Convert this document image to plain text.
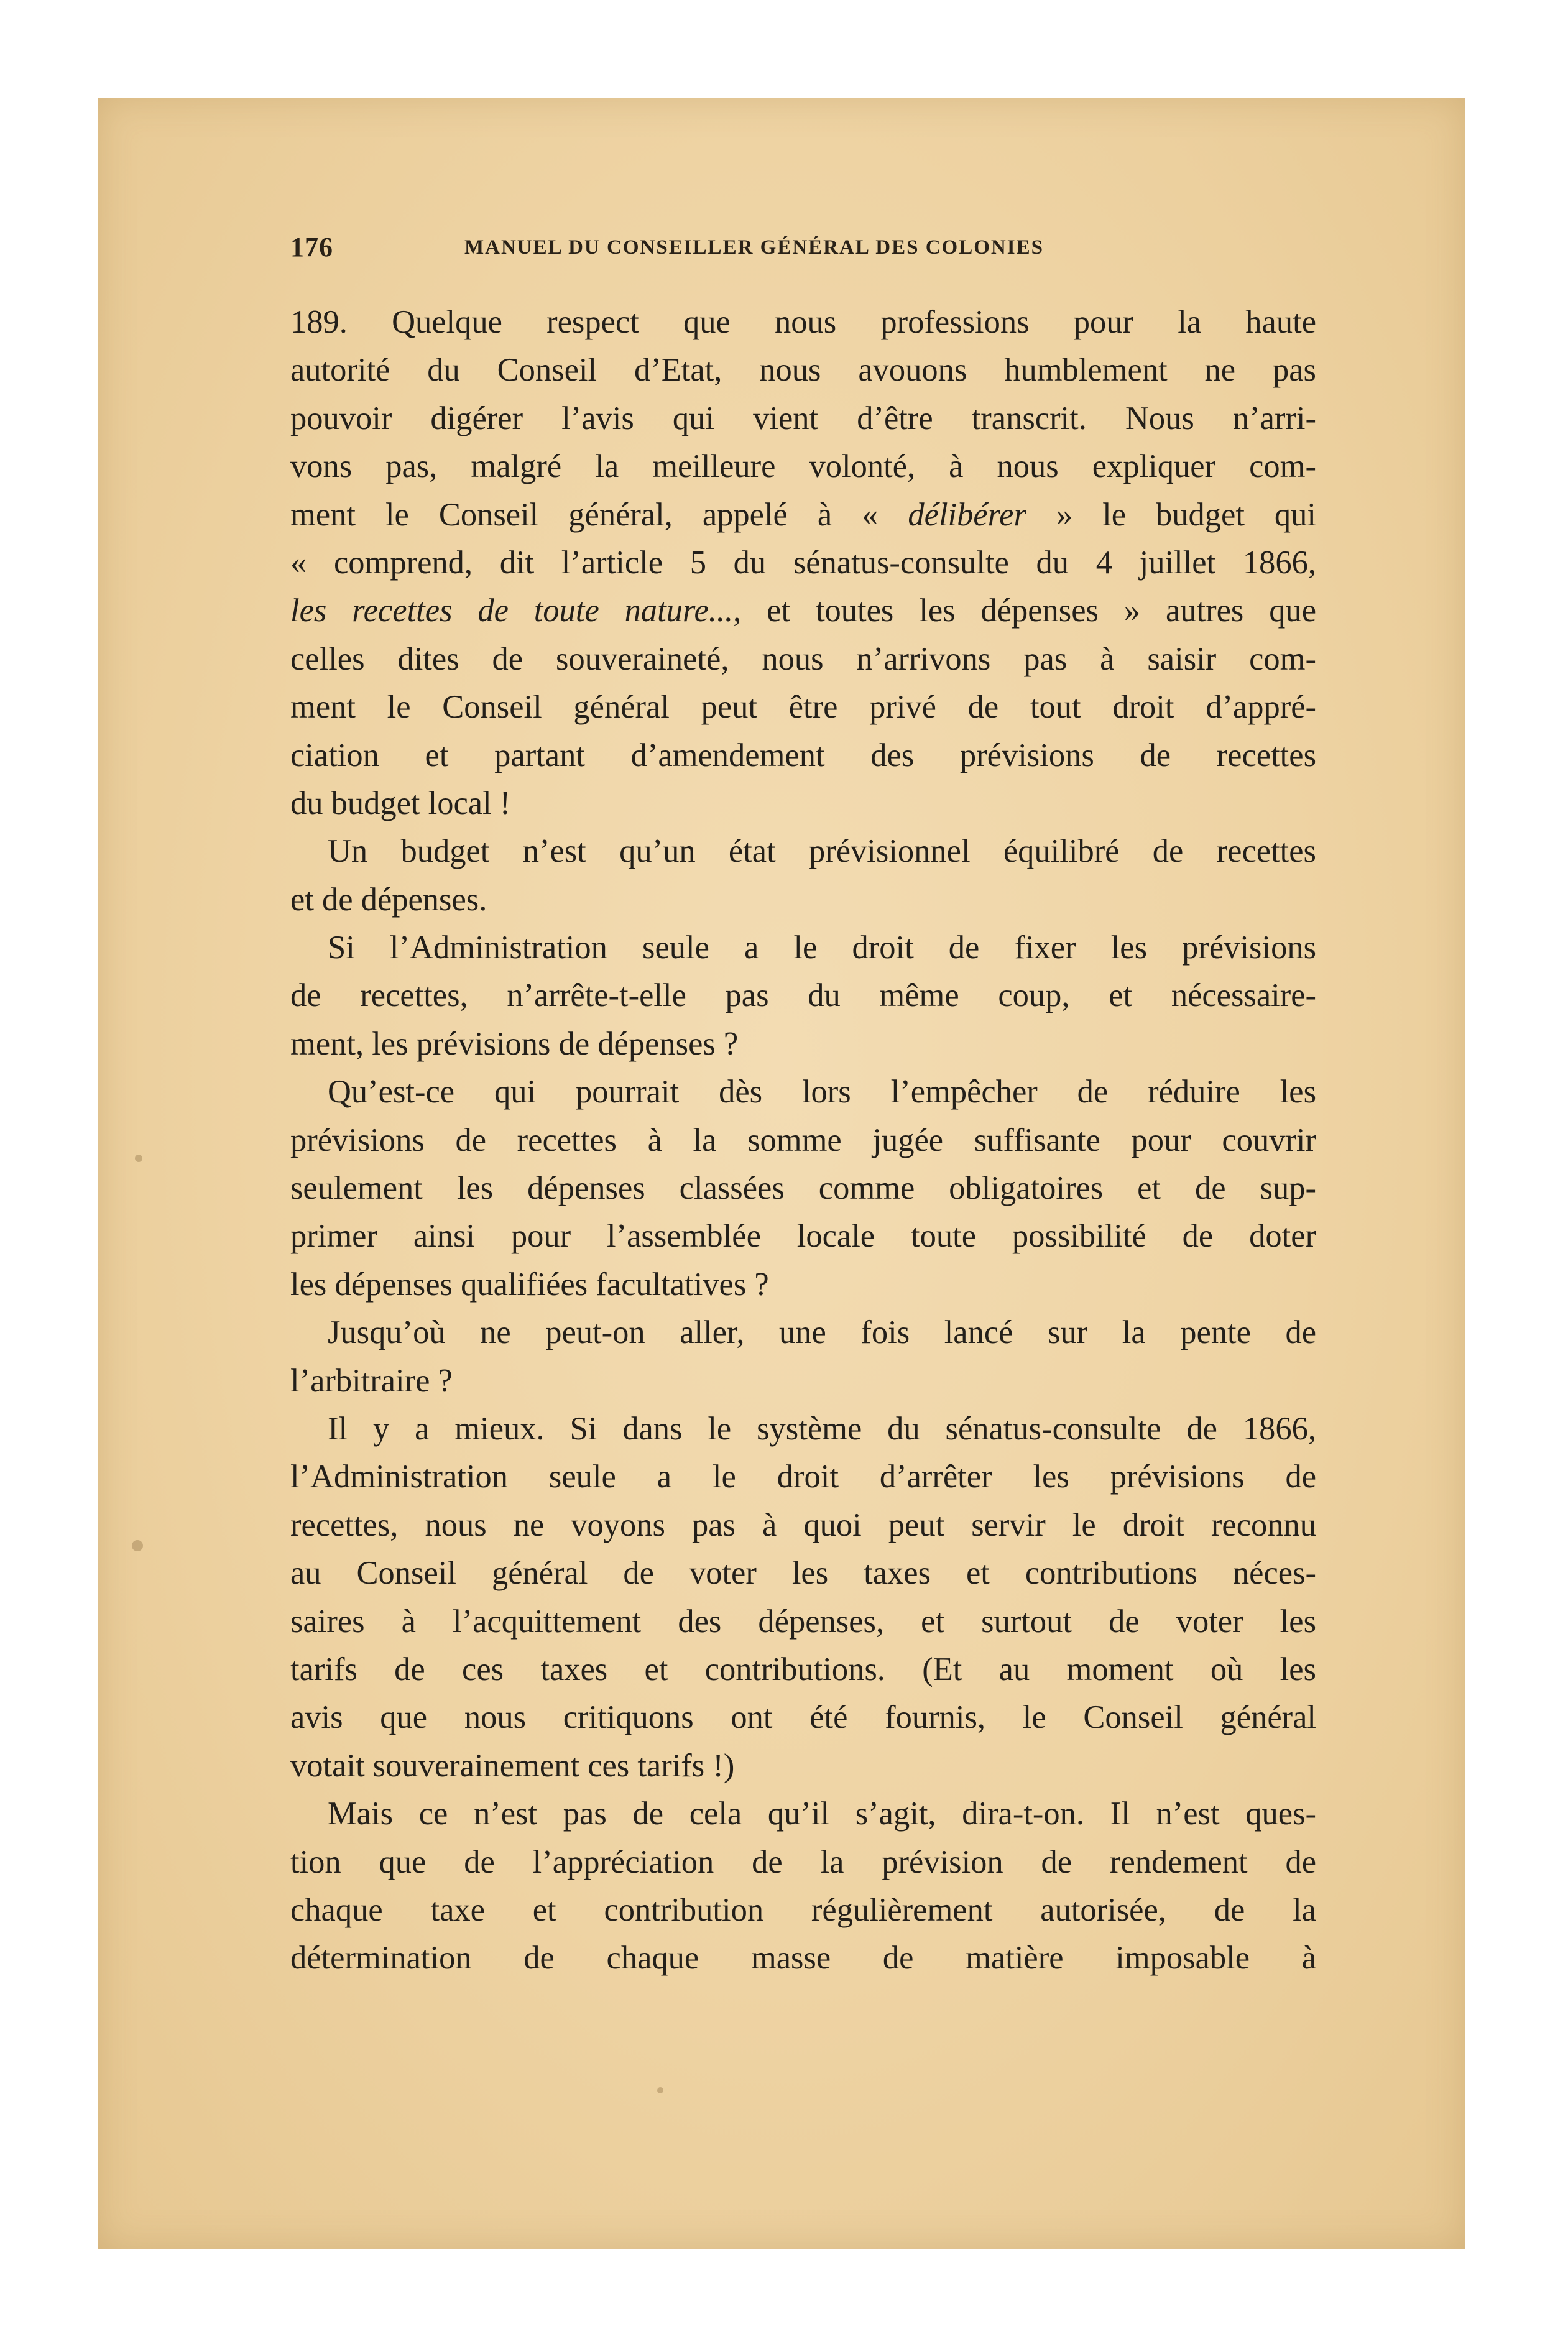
176	MANUEL DU CONSEILLER GÉNÉRAL DES COLONIES
189. Quelque respect que nous professions pour la haute
autorité du Conseil d’Etat, nous avouons humblement ne pas
pouvoir digérer l’avis qui vient d’être transcrit. Nous n’arri-
vons pas, malgré la meilleure volonté, à nous expliquer com-
ment le Conseil général, appelé à « délibérer » le budget qui
« comprend, dit l’article 5 du sénatus-consulte du 4 juillet 1866,
les recettes de toute nature..., et toutes les dépenses » autres que
celles dites de souveraineté, nous n’arrivons pas à saisir com-
ment le Conseil général peut être privé de tout droit d’appré-
ciation et partant d’amendement des prévisions de recettes
du budget local !
Un budget n’est qu’un état prévisionnel équilibré de recettes
et de dépenses.
Si l’Administration seule a le droit de fixer les prévisions
de recettes, n’arrête-t-elle pas du même coup, et nécessaire-
ment, les prévisions de dépenses ?
Qu’est-ce qui pourrait dès lors l’empêcher de réduire les
prévisions de recettes à la somme jugée suffisante pour couvrir
seulement les dépenses classées comme obligatoires et de sup-
primer ainsi pour l’assemblée locale toute possibilité de doter
les dépenses qualifiées facultatives ?
Jusqu’où ne peut-on aller, une fois lancé sur la pente de
l’arbitraire ?
Il y a mieux. Si dans le système du sénatus-consulte de 1866,
l’Administration seule a le droit d’arrêter les prévisions de
recettes, nous ne voyons pas à quoi peut servir le droit reconnu
au Conseil général de voter les taxes et contributions néces-
saires à l’acquittement des dépenses, et surtout de voter les
tarifs de ces taxes et contributions. (Et au moment où les
avis que nous critiquons ont été fournis, le Conseil général
votait souverainement ces tarifs !)
Mais ce n’est pas de cela qu’il s’agit, dira-t-on. Il n’est ques-
tion que de l’appréciation de la prévision de rendement de
chaque taxe et contribution régulièrement autorisée, de la
détermination de chaque masse de matière imposable à
